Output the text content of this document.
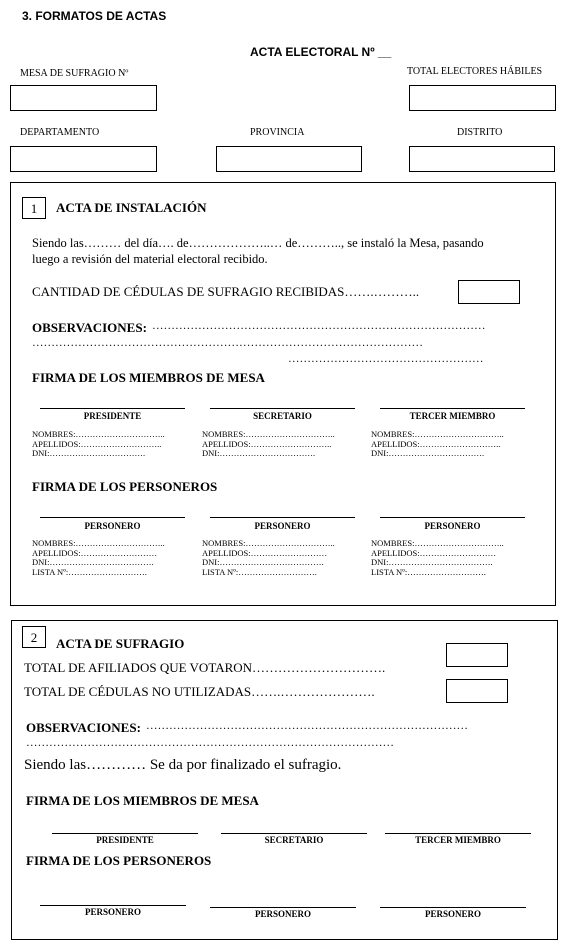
3. FORMATOS DE ACTAS
ACTA ELECTORAL Nº __
MESA DE SUFRAGIO Nº	TOTAL ELECTORES HÁBILES
DEPARTAMENTO	PROVINCIA	DISTRITO
1	ACTA DE INSTALACIÓN
Siendo las……… del día…. de………………..… de……….., se instaló la Mesa, pasando
luego a revisión del material electoral recibido.
CANTIDAD DE CÉDULAS DE SUFRAGIO RECIBIDAS…….………..
OBSERVACIONES: ……………………………………………………………………………
…………………………………………………………………………………………
……………………………………………
FIRMA DE LOS MIEMBROS DE MESA
PRESIDENTE
NOMBRES:…………………………..
APELLIDOS:………………………..
DNI:…………………………….
SECRETARIO
NOMBRES:…………………………..
APELLIDOS:………………………..
DNI:…………………………….
TERCER MIEMBRO
NOMBRES:…………………………..
APELLIDOS:………………………..
DNI:…………………………….
FIRMA DE LOS PERSONEROS
PERSONERO
NOMBRES:…………………………..
APELLIDOS:………………………
DNI:……………………………….
LISTA Nº:……………………….
PERSONERO
NOMBRES:…………………………..
APELLIDOS:………………………
DNI:……………………………….
LISTA Nº:……………………….
PERSONERO
NOMBRES:…………………………..
APELLIDOS:………………………
DNI:……………………………….
LISTA Nº:……………………….
2	ACTA DE SUFRAGIO
TOTAL DE AFILIADOS QUE VOTARON………………………….
TOTAL DE CÉDULAS NO UTILIZADAS…….………………….
OBSERVACIONES: …………………………………………………………………………
……………………………………………………………………………………
Siendo las………… Se da por finalizado el sufragio.
FIRMA DE LOS MIEMBROS DE MESA
PRESIDENTE	SECRETARIO	TERCER MIEMBRO
FIRMA DE LOS PERSONEROS
PERSONERO	PERSONERO	PERSONERO
